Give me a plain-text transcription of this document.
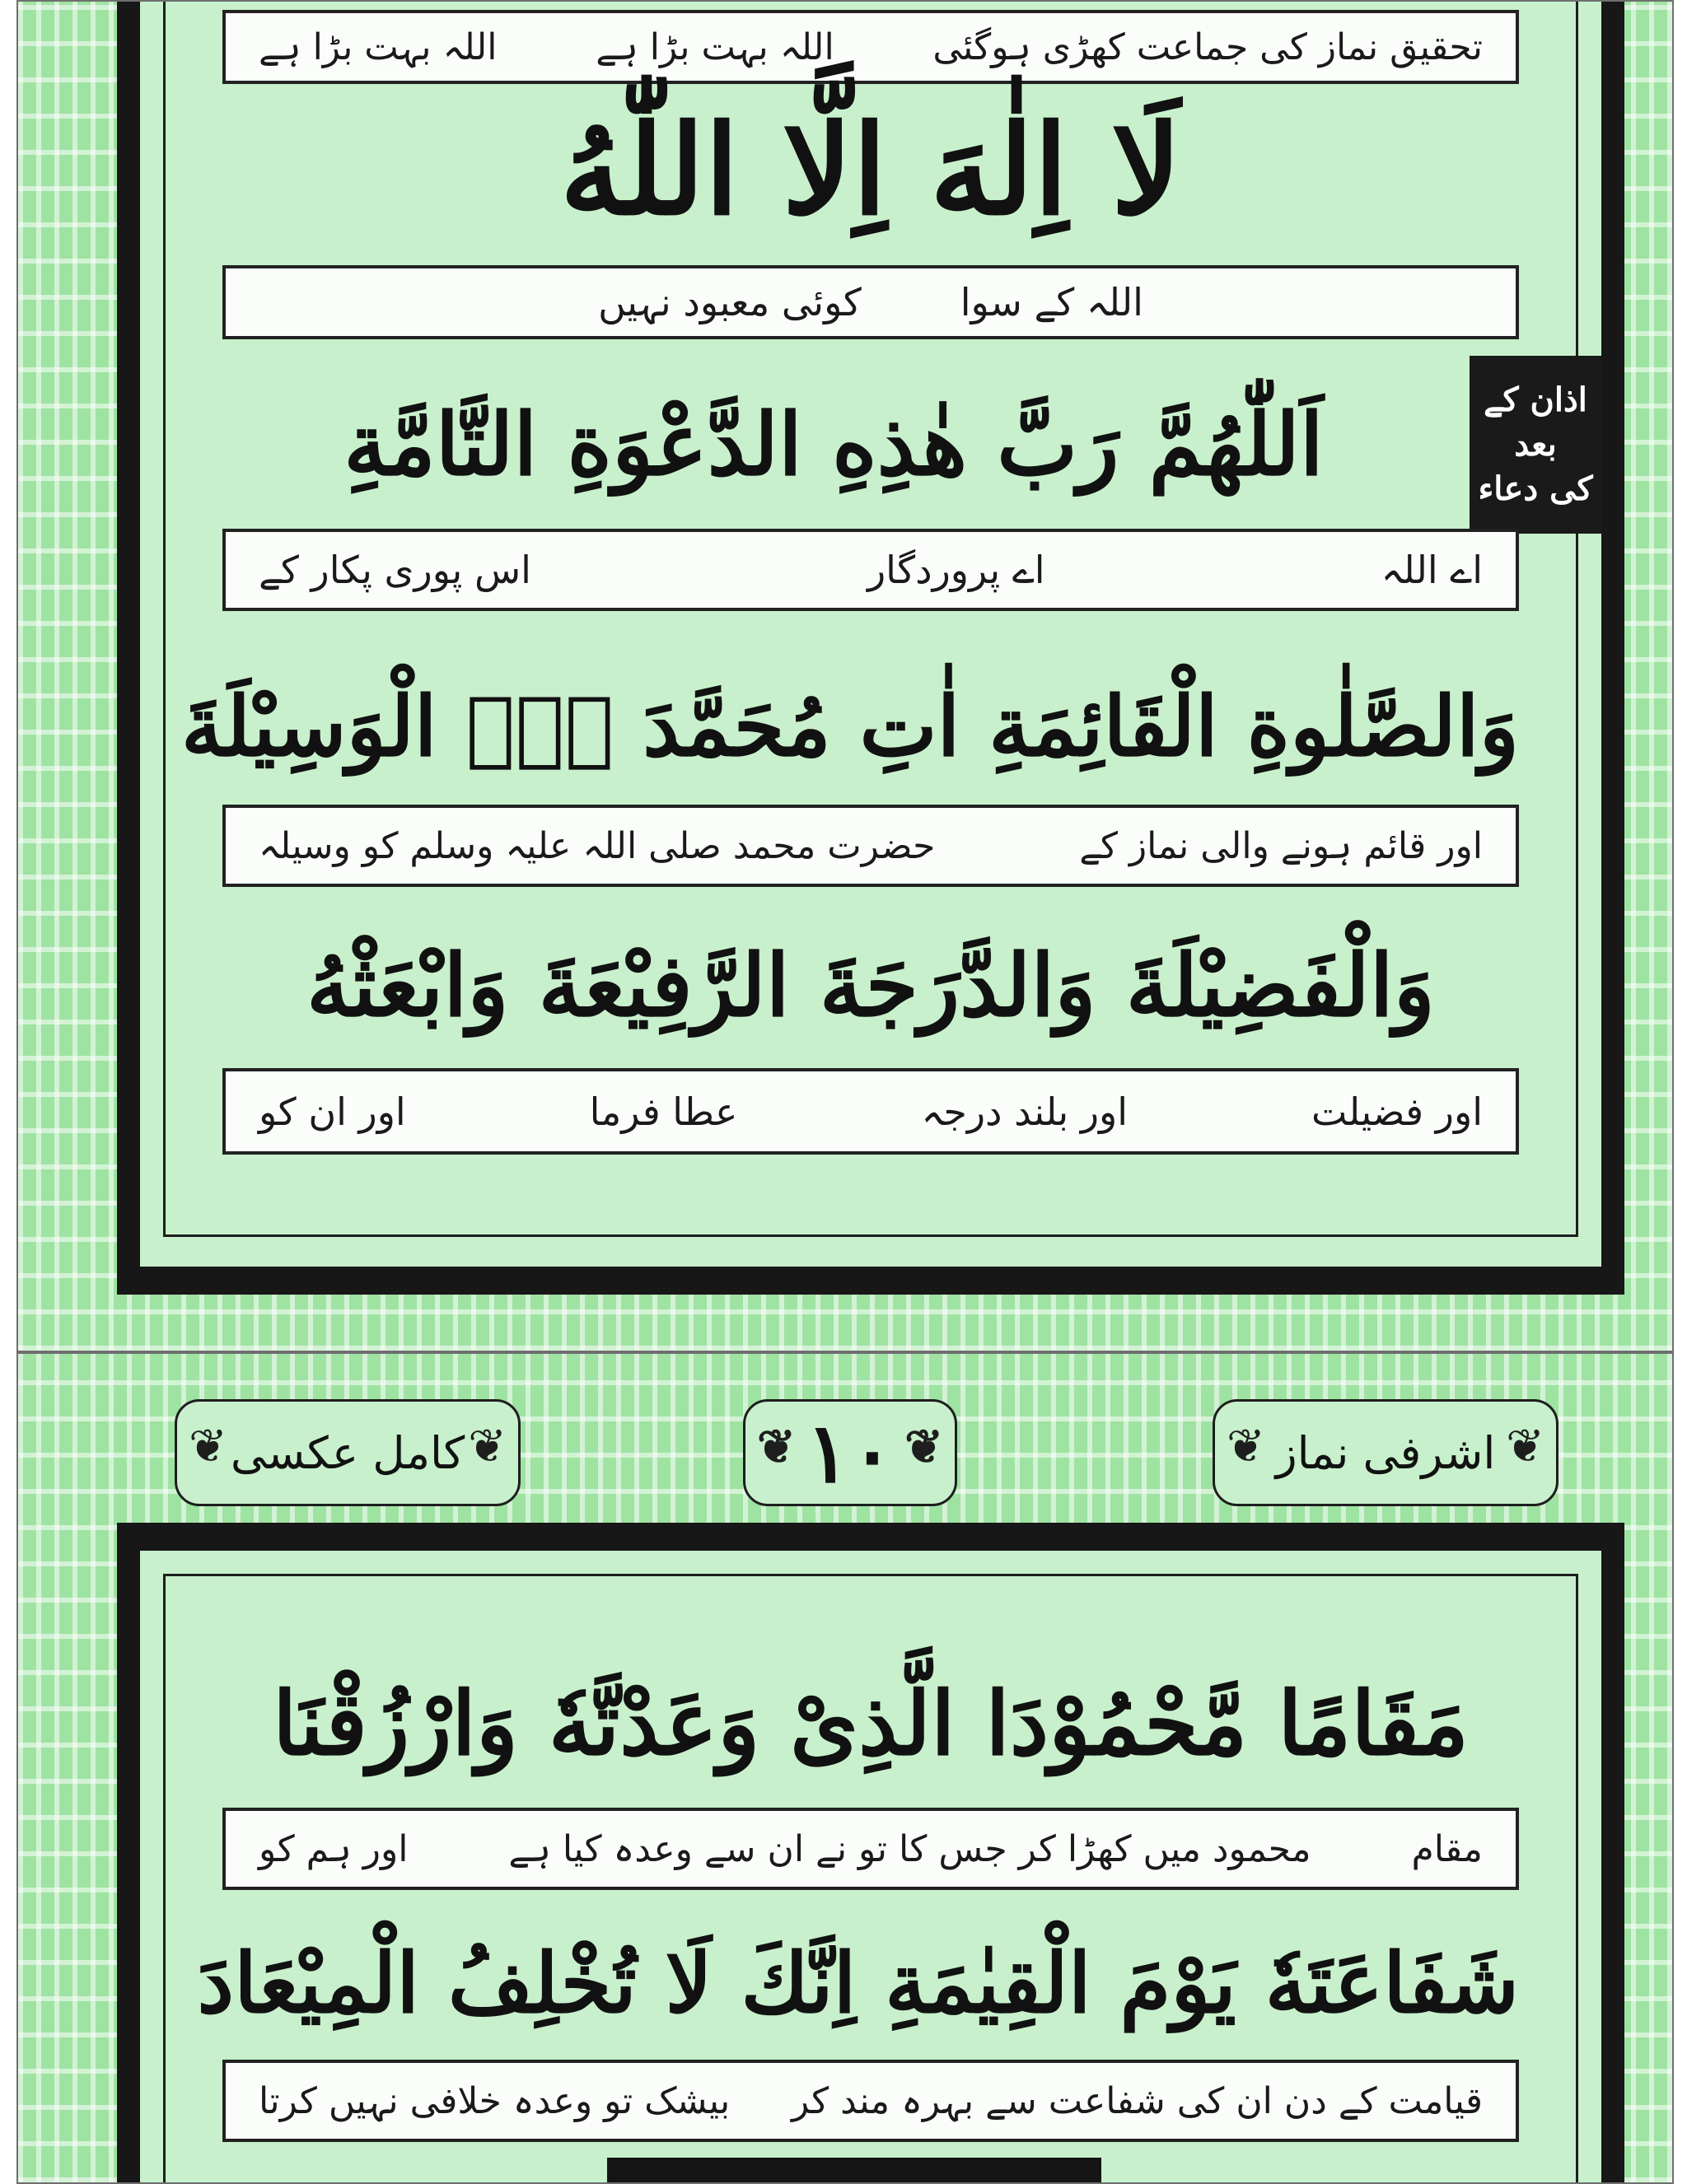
تحقیق نماز کی جماعت کھڑی ہوگئی
اللہ بہت بڑا ہے
اللہ بہت بڑا ہے
لَا اِلٰهَ اِلَّا اللّٰهُ
اللہ کے سوا
کوئی معبود نہیں
اذان کے بعد
کی دعاء
اَللّٰهُمَّ رَبَّ هٰذِهِ الدَّعْوَةِ التَّامَّةِ
اے اللہ
اے پروردگار
اس پوری پکار کے
وَالصَّلٰوةِ الْقَائِمَةِ اٰتِ مُحَمَّدَ اِۨ الْوَسِيْلَةَ
اور قائم ہونے والی نماز کے
حضرت محمد صلی اللہ علیہ وسلم کو وسیلہ
وَالْفَضِيْلَةَ وَالدَّرَجَةَ الرَّفِيْعَةَ وَابْعَثْهُ
اور فضیلت
اور بلند درجہ
عطا فرما
اور ان کو
❦ کامل عکسی ❦	❦ ١٠ ❦	❦ اشرفی نماز ❦
مَقَامًا مَّحْمُوْدَا الَّذِىْ وَعَدْتَّهٗ وَارْزُقْنَا
مقام
محمود میں کھڑا کر جس کا تو نے ان سے وعدہ کیا ہے
اور ہم کو
شَفَاعَتَهٗ يَوْمَ الْقِيٰمَةِ اِنَّكَ لَا تُخْلِفُ الْمِيْعَادَ
قیامت کے دن ان کی شفاعت سے بہرہ مند کر
بیشک تو وعدہ خلافی نہیں کرتا
